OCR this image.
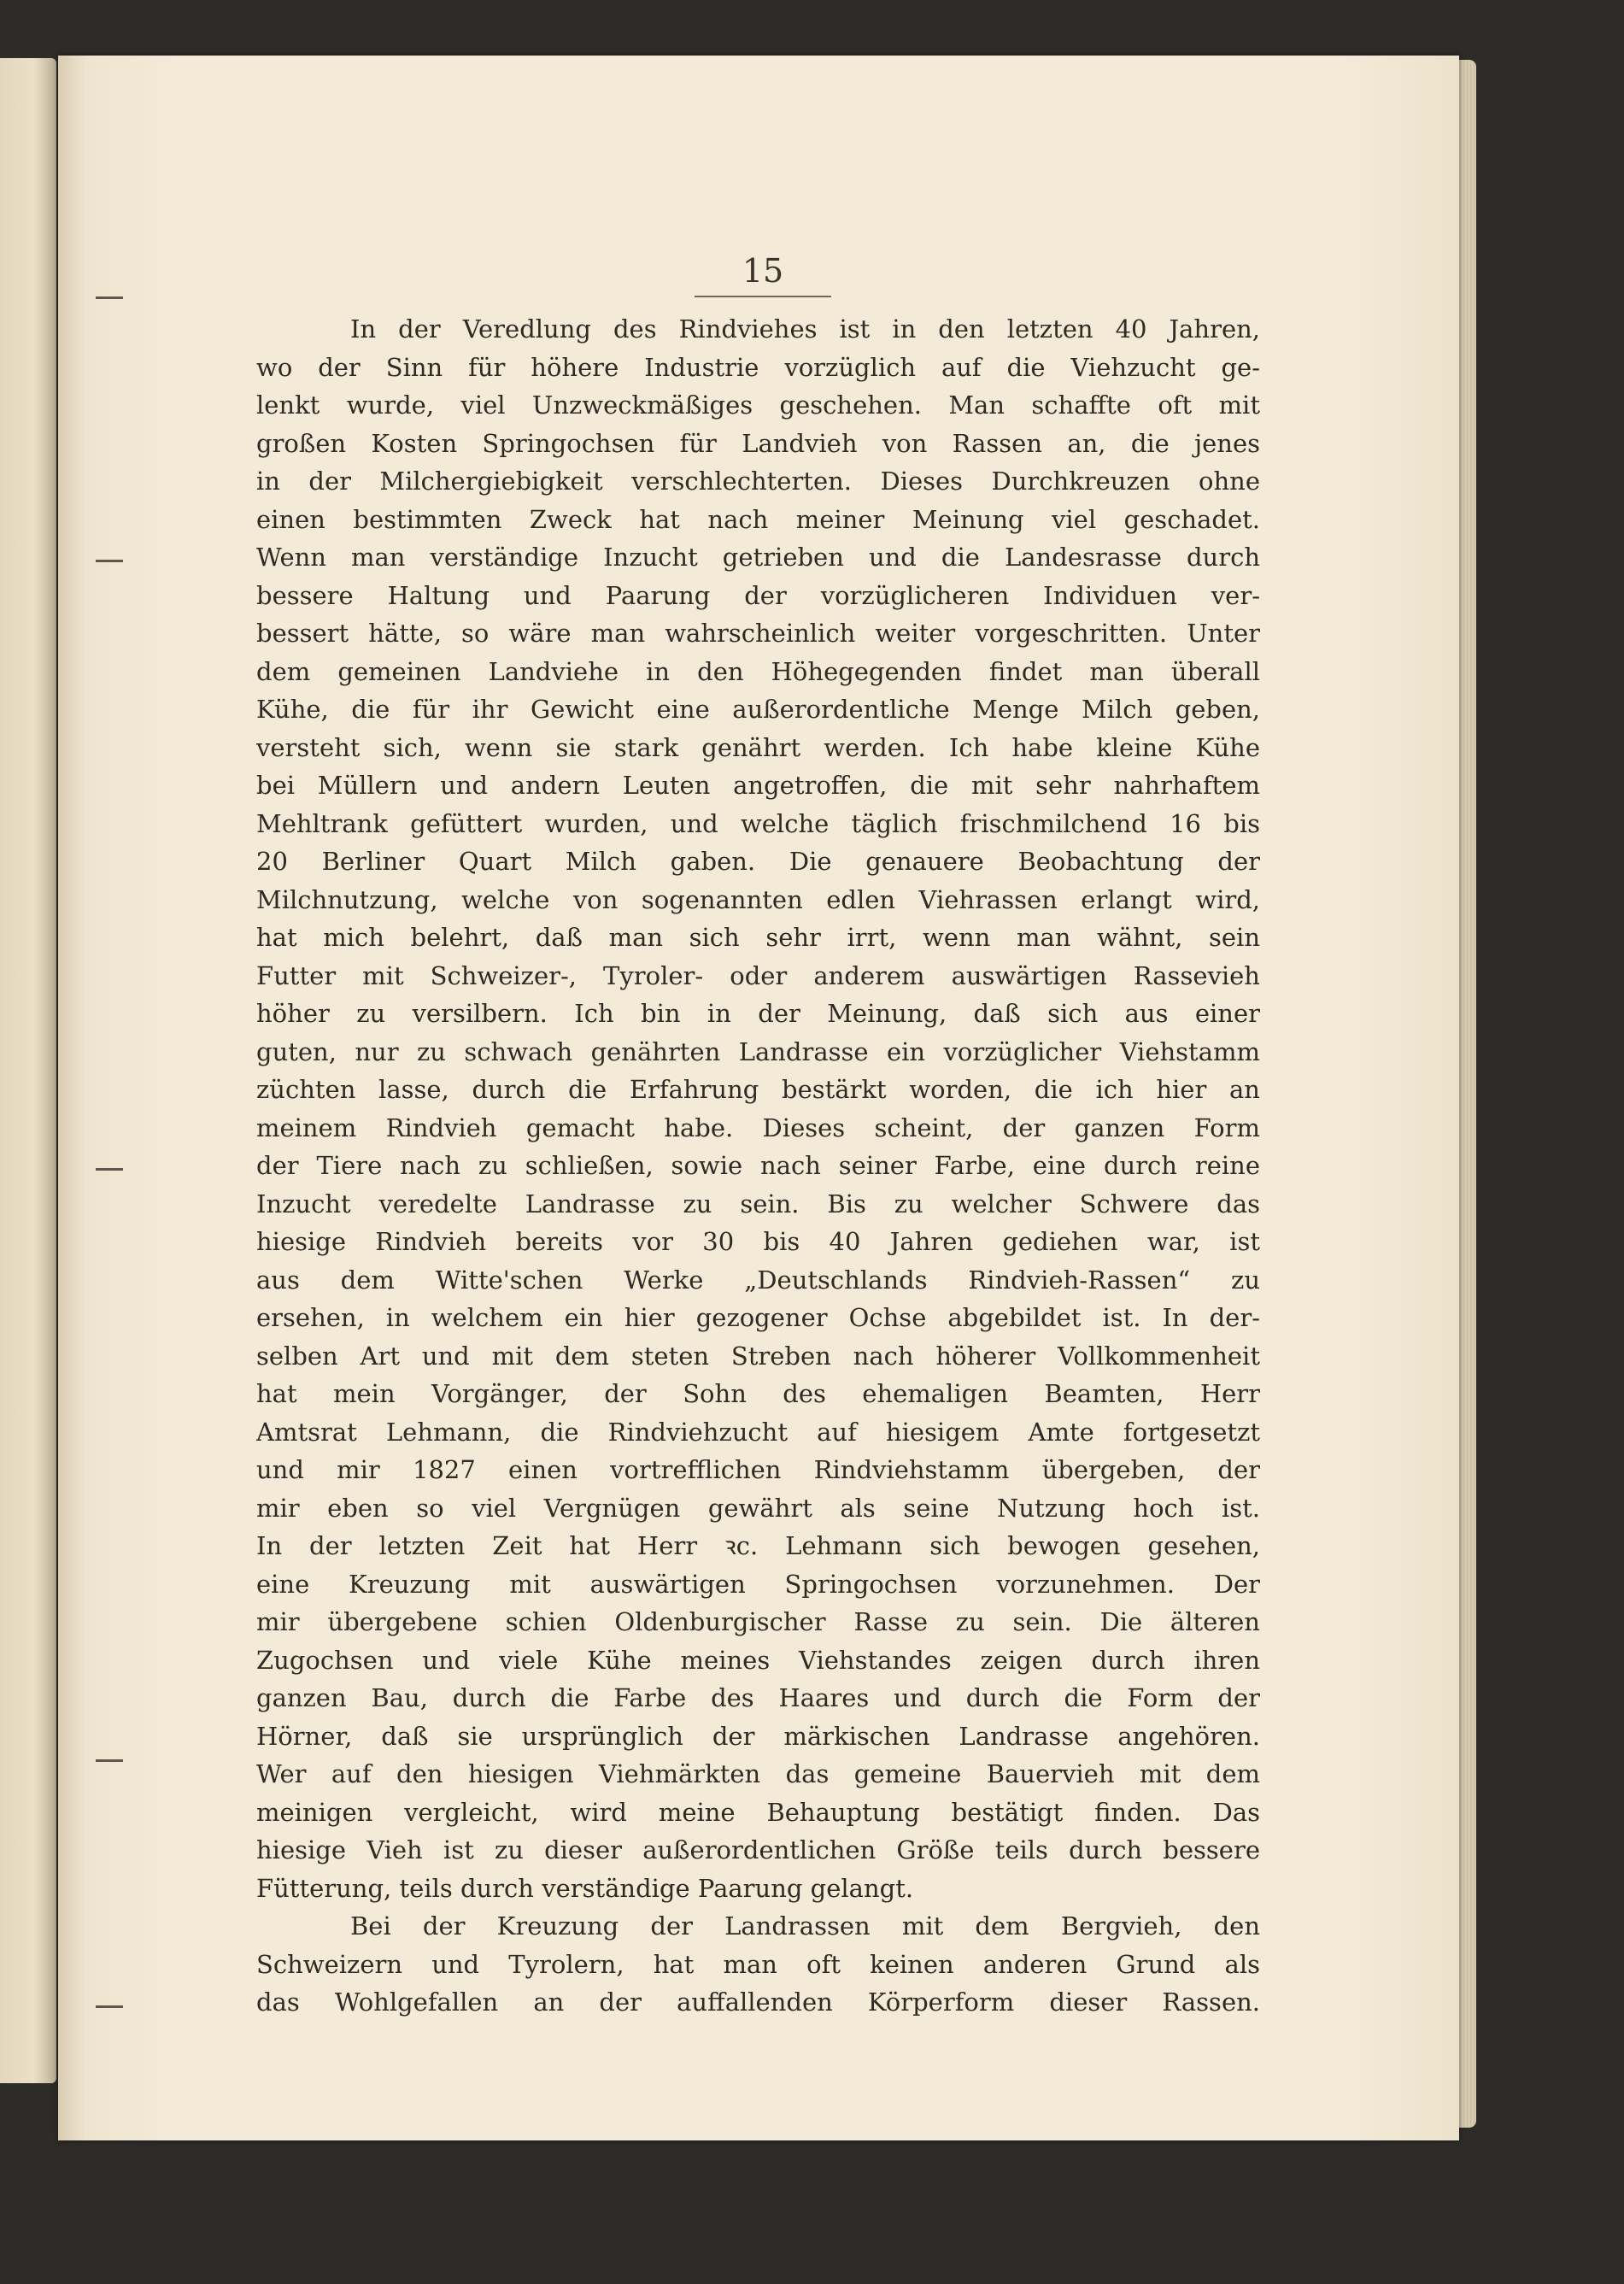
15
In der Veredlung des Rindviehes ist in den letzten 40 Jahren,
wo der Sinn für höhere Industrie vorzüglich auf die Viehzucht ge-
lenkt wurde, viel Unzweckmäßiges geschehen. Man schaffte oft mit
großen Kosten Springochsen für Landvieh von Rassen an, die jenes
in der Milchergiebigkeit verschlechterten. Dieses Durchkreuzen ohne
einen bestimmten Zweck hat nach meiner Meinung viel geschadet.
Wenn man verständige Inzucht getrieben und die Landesrasse durch
bessere Haltung und Paarung der vorzüglicheren Individuen ver-
bessert hätte, so wäre man wahrscheinlich weiter vorgeschritten. Unter
dem gemeinen Landviehe in den Höhegegenden findet man überall
Kühe, die für ihr Gewicht eine außerordentliche Menge Milch geben,
versteht sich, wenn sie stark genährt werden. Ich habe kleine Kühe
bei Müllern und andern Leuten angetroffen, die mit sehr nahrhaftem
Mehltrank gefüttert wurden, und welche täglich frischmilchend 16 bis
20 Berliner Quart Milch gaben. Die genauere Beobachtung der
Milchnutzung, welche von sogenannten edlen Viehrassen erlangt wird,
hat mich belehrt, daß man sich sehr irrt, wenn man wähnt, sein
Futter mit Schweizer-, Tyroler- oder anderem auswärtigen Rassevieh
höher zu versilbern. Ich bin in der Meinung, daß sich aus einer
guten, nur zu schwach genährten Landrasse ein vorzüglicher Viehstamm
züchten lasse, durch die Erfahrung bestärkt worden, die ich hier an
meinem Rindvieh gemacht habe. Dieses scheint, der ganzen Form
der Tiere nach zu schließen, sowie nach seiner Farbe, eine durch reine
Inzucht veredelte Landrasse zu sein. Bis zu welcher Schwere das
hiesige Rindvieh bereits vor 30 bis 40 Jahren gediehen war, ist
aus dem Witte'schen Werke „Deutschlands Rindvieh-Rassen“ zu
ersehen, in welchem ein hier gezogener Ochse abgebildet ist. In der-
selben Art und mit dem steten Streben nach höherer Vollkommenheit
hat mein Vorgänger, der Sohn des ehemaligen Beamten, Herr
Amtsrat Lehmann, die Rindviehzucht auf hiesigem Amte fortgesetzt
und mir 1827 einen vortrefflichen Rindviehstamm übergeben, der
mir eben so viel Vergnügen gewährt als seine Nutzung hoch ist.
In der letzten Zeit hat Herr ꝛc. Lehmann sich bewogen gesehen,
eine Kreuzung mit auswärtigen Springochsen vorzunehmen. Der
mir übergebene schien Oldenburgischer Rasse zu sein. Die älteren
Zugochsen und viele Kühe meines Viehstandes zeigen durch ihren
ganzen Bau, durch die Farbe des Haares und durch die Form der
Hörner, daß sie ursprünglich der märkischen Landrasse angehören.
Wer auf den hiesigen Viehmärkten das gemeine Bauervieh mit dem
meinigen vergleicht, wird meine Behauptung bestätigt finden. Das
hiesige Vieh ist zu dieser außerordentlichen Größe teils durch bessere
Fütterung, teils durch verständige Paarung gelangt.
Bei der Kreuzung der Landrassen mit dem Bergvieh, den
Schweizern und Tyrolern, hat man oft keinen anderen Grund als
das Wohlgefallen an der auffallenden Körperform dieser Rassen.
